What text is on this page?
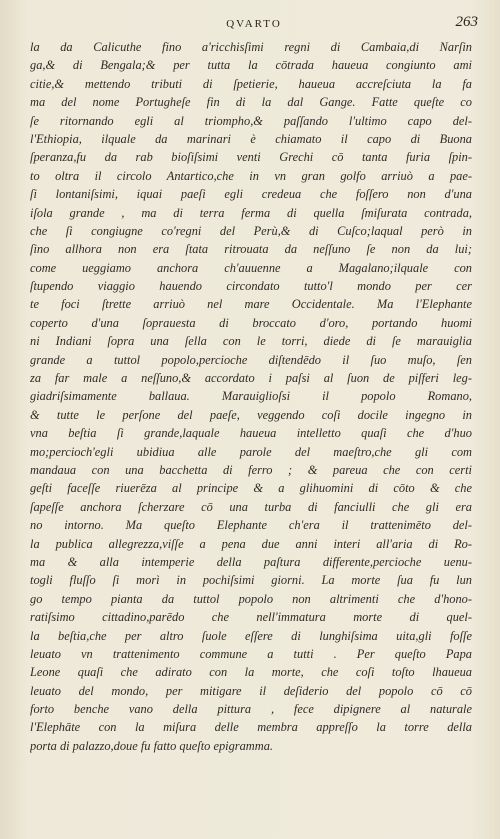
QVARTO	263
la da Calicuthe fino a'ricchisſimi regni di Cambaia,di Narſin
ga,& di Bengala;& per tutta la cōtrada haueua congiunto ami
citie,& mettendo tributi di ſpetierie, haueua accreſciuta la fa
ma del nome Portugheſe fin di la dal Gange. Fatte queſte co
ſe ritornando egli al triompho,& paſſando l'ultimo capo del-
l'Ethiopia, ilquale da marinari è chiamato il capo di Buona
ſperanza,fu da rab bioſiſsimi venti Grechi cō tanta furia ſpin-
to oltra il circolo Antartico,che in vn gran golfo arriuò a pae-
ſi lontaniſsimi, iquai paeſi egli credeua che foſſero non d'una
iſola grande , ma di terra ferma di quella ſmiſurata contrada,
che ſi congiugne co'regni del Perù,& di Cuſco;laqual però in
ſino allhora non era ſtata ritrouata da neſſuno ſe non da lui;
come ueggiamo anchora ch'auuenne a Magalano;ilquale con
ſtupendo viaggio hauendo circondato tutto'l mondo per cer
te foci ſtrette arriuò nel mare Occidentale. Ma l'Elephante
coperto d'una ſoprauesta di broccato d'oro, portando huomi
ni Indiani ſopra una ſella con le torri, diede di ſe marauiglia
grande a tuttol popolo,percioche diſtendēdo il ſuo muſo, ſen
za far male a neſſuno,& accordato i paſsi al ſuon de piſferi leg-
giadriſsimamente ballaua. Marauiglioſsi il popolo Romano,
& tutte le perſone del paeſe, veggendo coſi docile ingegno in
vna beſtia ſi grande,laquale haueua intelletto quaſi che d'huo
mo;percioch'egli ubidiua alle parole del maeſtro,che gli com
mandaua con una bacchetta di ferro ; & pareua che con certi
geſti faceſſe riuerēza al principe & a glihuomini di cōto & che
ſapeſſe anchora ſcherzare cō una turba di fanciulli che gli era
no intorno. Ma queſto Elephante ch'era il trattenimēto del-
la publica allegrezza,viſſe a pena due anni interi all'aria di Ro-
ma & alla intemperie della paſtura differente,percioche uenu-
togli fluſſo ſi morì in pochiſsimi giorni. La morte ſua fu lun
go tempo pianta da tuttol popolo non altrimenti che d'hono-
ratiſsimo cittadino,parēdo che nell'immatura morte di quel-
la beſtia,che per altro ſuole eſſere di lunghiſsima uita,gli foſſe
leuato vn trattenimento commune a tutti . Per queſto Papa
Leone quaſi che adirato con la morte, che coſi toſto lhaueua
leuato del mondo, per mitigare il deſiderio del popolo cō cō
forto benche vano della pittura , fece dipignere al naturale
l'Elephāte con la miſura delle membra appreſſo la torre della
porta di palazzo,doue fu fatto queſto epigramma.
